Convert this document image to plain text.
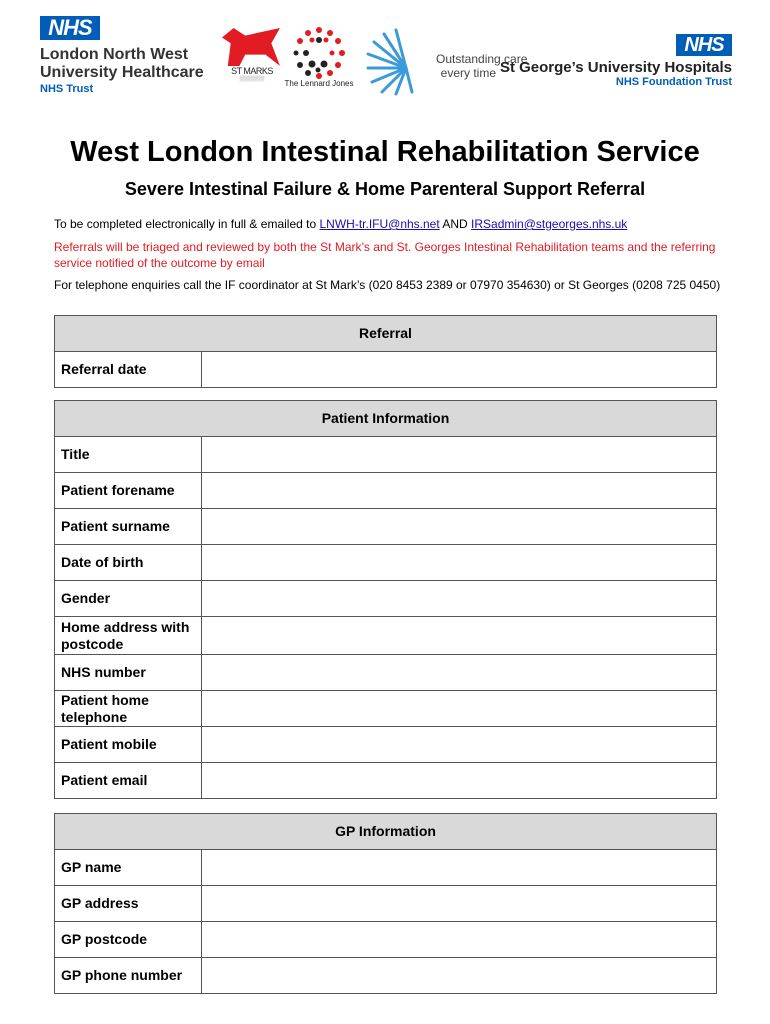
NHS
London North West
University Healthcare
NHS Trust
ST MARKS
▒▒▒▒▒▒▒	The Lennard Jones
Outstanding care
every time
NHS
St George’s University Hospitals
NHS Foundation Trust
West London Intestinal Rehabilitation Service
Severe Intestinal Failure & Home Parenteral Support Referral
To be completed electronically in full & emailed to LNWH-tr.IFU@nhs.net AND IRSadmin@stgeorges.nhs.uk
Referrals will be triaged and reviewed by both the St Mark’s and St. Georges Intestinal Rehabilitation teams and the referring service notified of the outcome by email
For telephone enquiries call the IF coordinator at St Mark’s (020 8453 2389 or 07970 354630) or St Georges (0208 725 0450)
Referral
Referral date	
Patient Information	
Title	
Patient forename	
Patient surname	
Date of birth	
Gender	
Home address with postcode	
NHS number	
Patient home telephone	
Patient mobile	
Patient email	
GP Information	
GP name	
GP address	
GP postcode	
GP phone number	
